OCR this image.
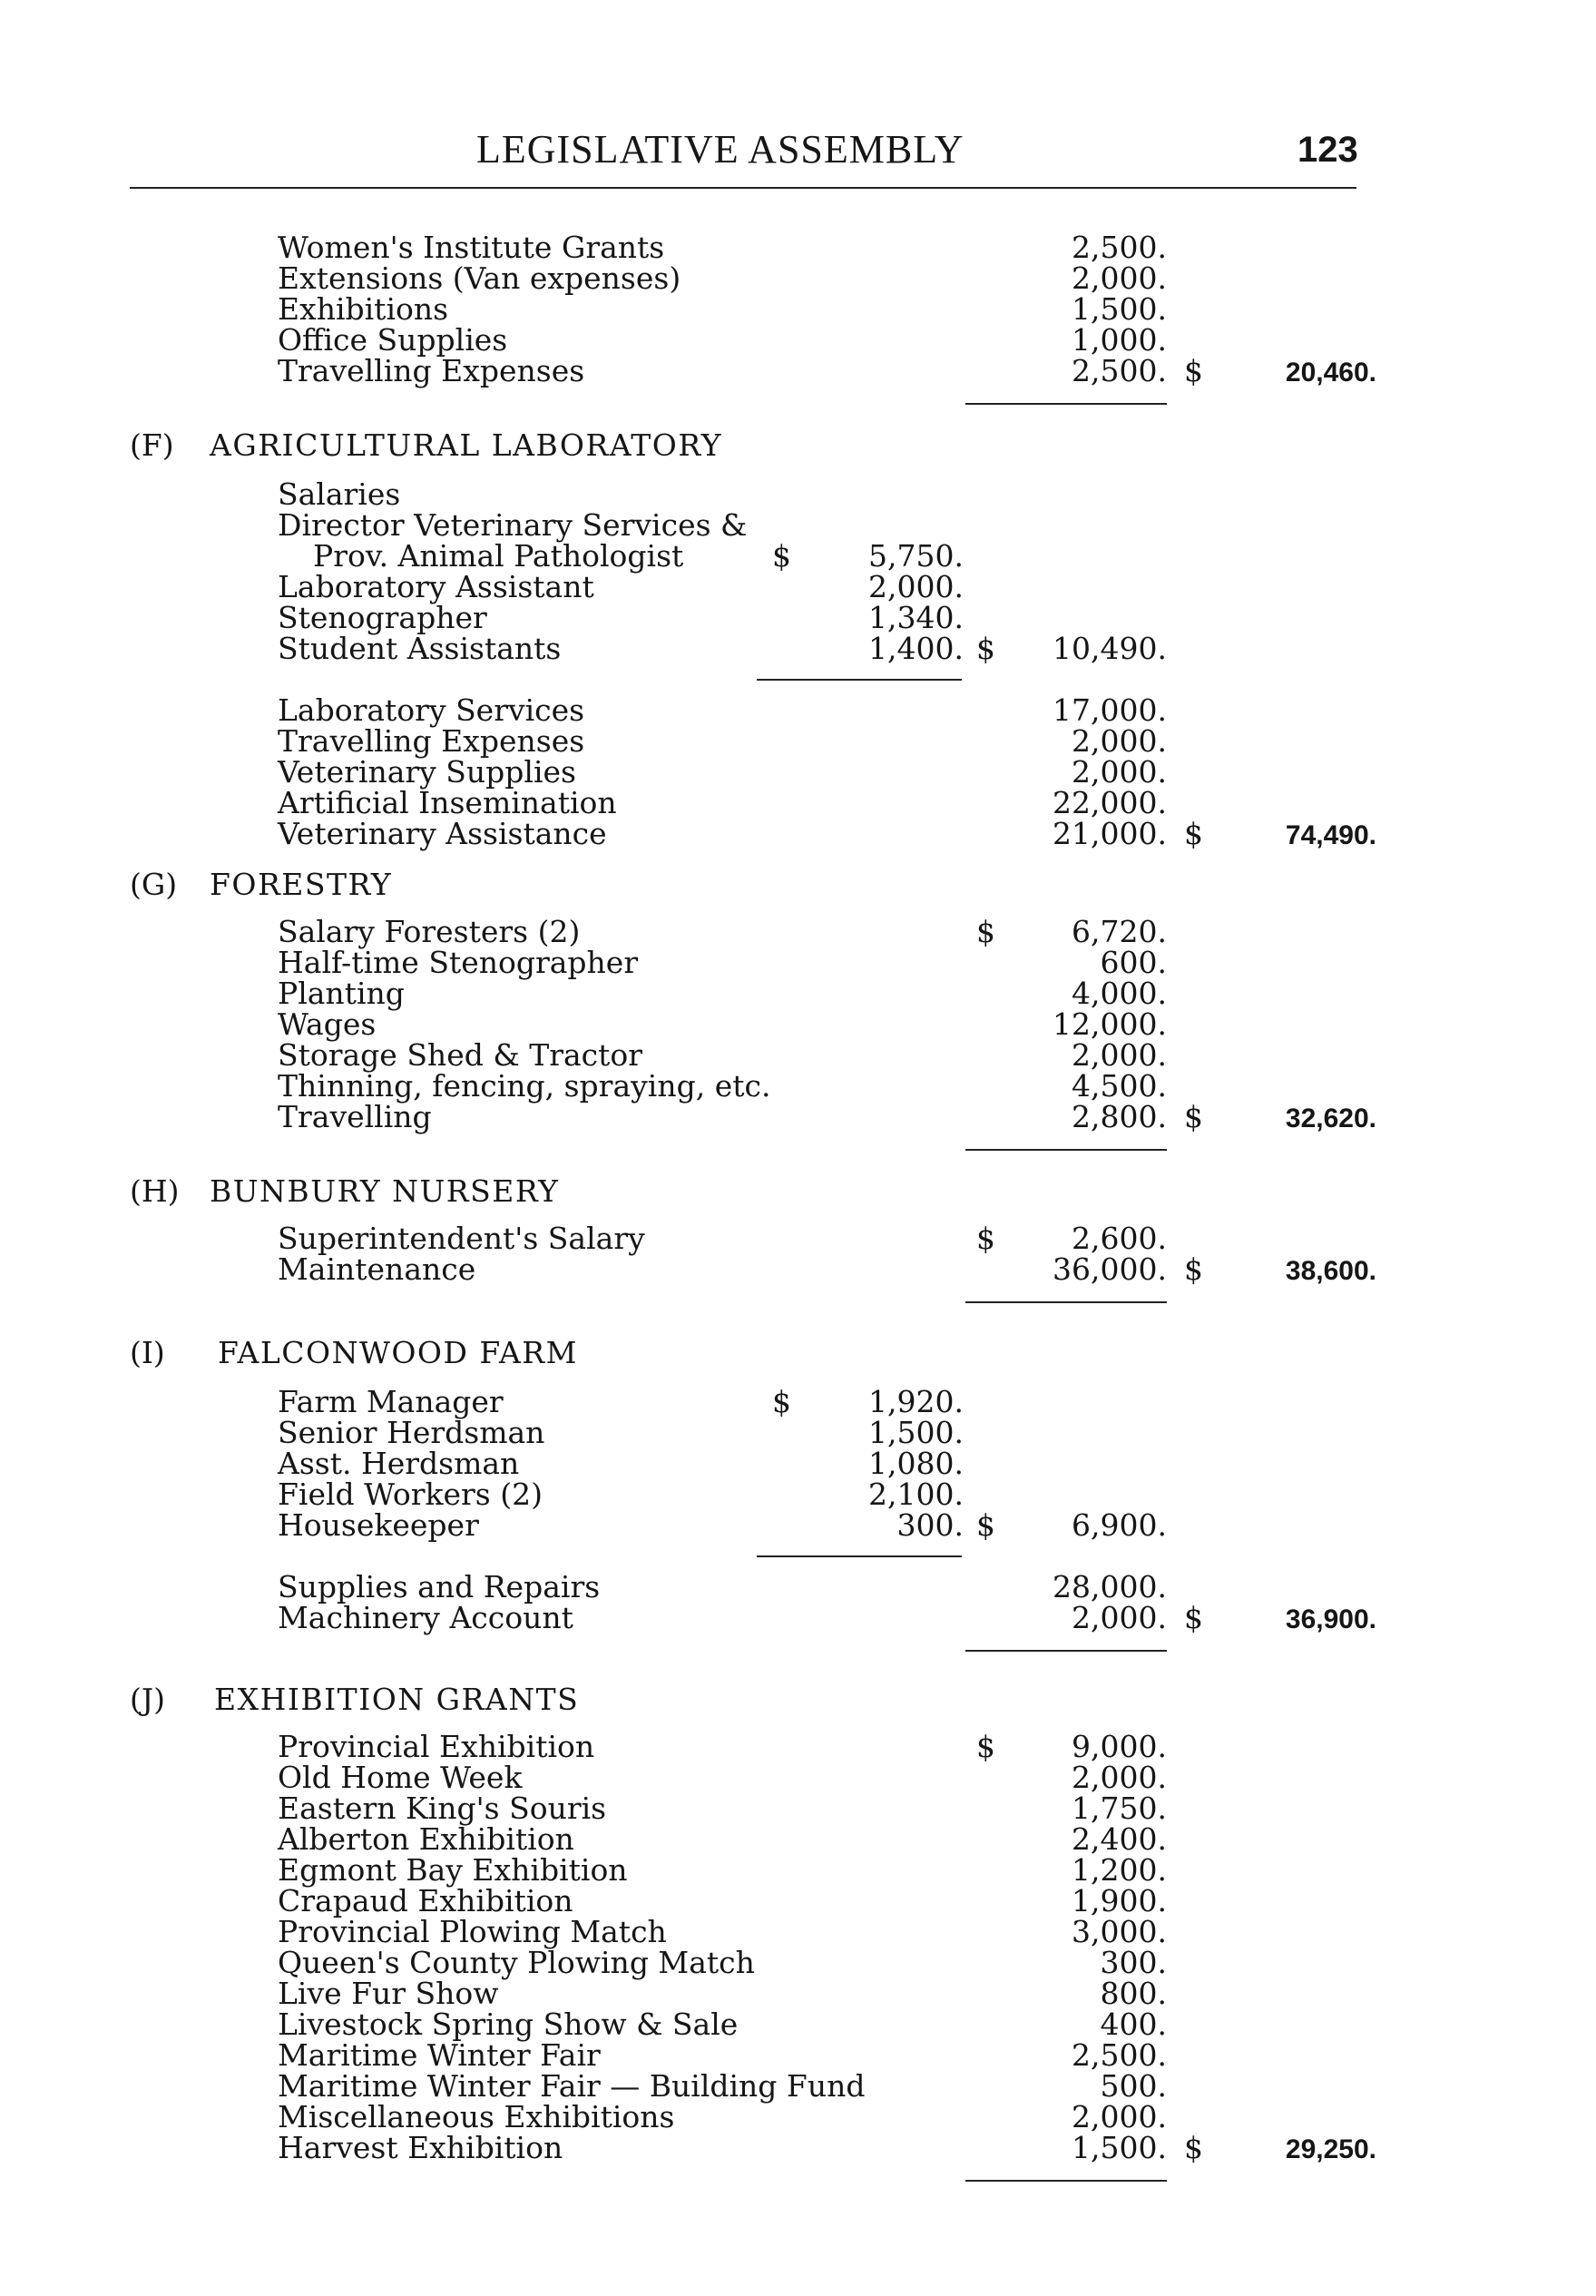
LEGISLATIVE ASSEMBLY	123
Women's Institute Grants	2,500.
Extensions (Van expenses)	2,000.
Exhibitions	1,500.
Office Supplies	1,000.
Travelling Expenses	2,500. $	20,460.
(F) AGRICULTURAL LABORATORY
Salaries
Director Veterinary Services &
Prov. Animal Pathologist	$	5,750.
Laboratory Assistant	2,000.
Stenographer	1,340.
Student Assistants	1,400. $ 10,490.
Laboratory Services	17,000.
Travelling Expenses	2,000.
Veterinary Supplies	2,000.
Artificial Insemination	22,000.
Veterinary Assistance	21,000. $	74,490.
(G) FORESTRY
Salary Foresters (2)	$	6,720.
Half-time Stenographer	600.
Planting	4,000.
Wages	12,000.
Storage Shed & Tractor	2,000.
Thinning, fencing, spraying, etc.	4,500.
Travelling	2,800. $	32,620.
(H) BUNBURY NURSERY
Superintendent's Salary	$	2,600.
Maintenance	36,000. $	38,600.
(I) FALCONWOOD FARM
Farm Manager	$	1,920.
Senior Herdsman	1,500.
Asst. Herdsman	1,080.
Field Workers (2)	2,100.
Housekeeper	300. $	6,900.
Supplies and Repairs	28,000.
Machinery Account	2,000. $	36,900.
(J) EXHIBITION GRANTS
Provincial Exhibition	$	9,000.
Old Home Week	2,000.
Eastern King's Souris	1,750.
Alberton Exhibition	2,400.
Egmont Bay Exhibition	1,200.
Crapaud Exhibition	1,900.
Provincial Plowing Match	3,000.
Queen's County Plowing Match	300.
Live Fur Show	800.
Livestock Spring Show & Sale	400.
Maritime Winter Fair	2,500.
Maritime Winter Fair — Building Fund	500.
Miscellaneous Exhibitions	2,000.
Harvest Exhibition	1,500. $	29,250.
